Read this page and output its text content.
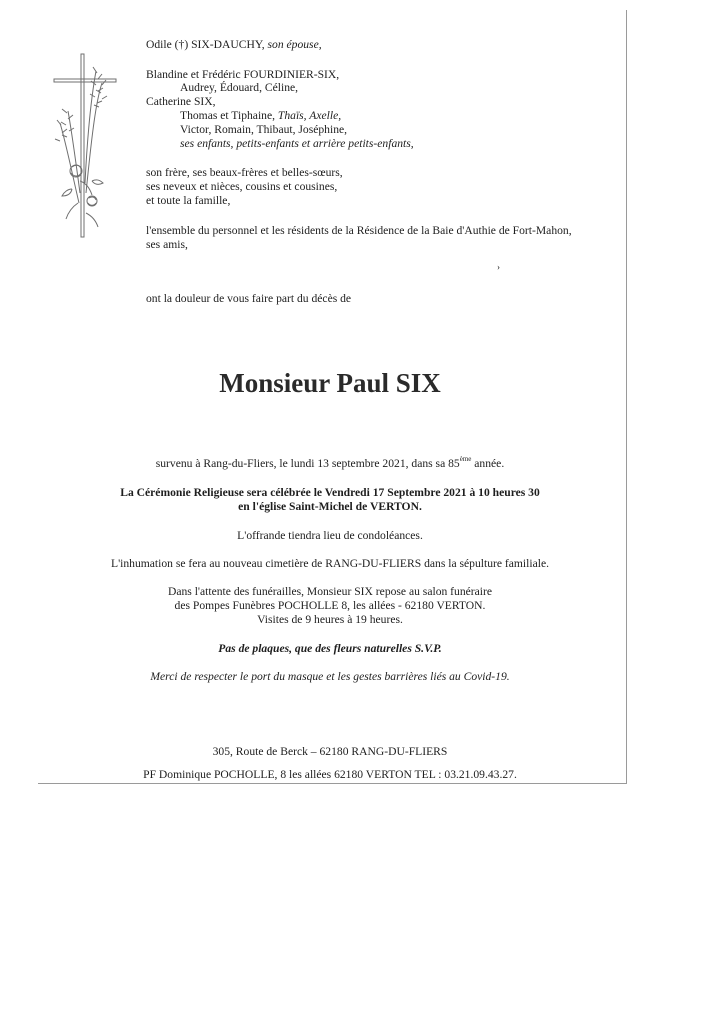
Odile (†) SIX-DAUCHY, son épouse,
Blandine et Frédéric FOURDINIER-SIX,
Audrey, Édouard, Céline,
Catherine SIX,
Thomas et Tiphaine, Thaïs, Axelle,
Victor, Romain, Thibaut, Joséphine,
ses enfants, petits-enfants et arrière petits-enfants,
son frère, ses beaux-frères et belles-sœurs,
ses neveux et nièces, cousins et cousines,
et toute la famille,
l'ensemble du personnel et les résidents de la Résidence de la Baie d'Authie de Fort-Mahon,
ses amis,
›
ont la douleur de vous faire part du décès de
Monsieur Paul SIX
survenu à Rang-du-Fliers, le lundi 13 septembre 2021, dans sa 85ème année.
La Cérémonie Religieuse sera célébrée le Vendredi 17 Septembre 2021 à 10 heures 30
en l'église Saint-Michel de VERTON.
L'offrande tiendra lieu de condoléances.
L'inhumation se fera au nouveau cimetière de RANG-DU-FLIERS dans la sépulture familiale.
Dans l'attente des funérailles, Monsieur SIX repose au salon funéraire
des Pompes Funèbres POCHOLLE 8, les allées - 62180 VERTON.
Visites de 9 heures à 19 heures.
Pas de plaques, que des fleurs naturelles S.V.P.
Merci de respecter le port du masque et les gestes barrières liés au Covid-19.
305, Route de Berck – 62180 RANG-DU-FLIERS
PF Dominique POCHOLLE, 8 les allées 62180 VERTON TEL : 03.21.09.43.27.
